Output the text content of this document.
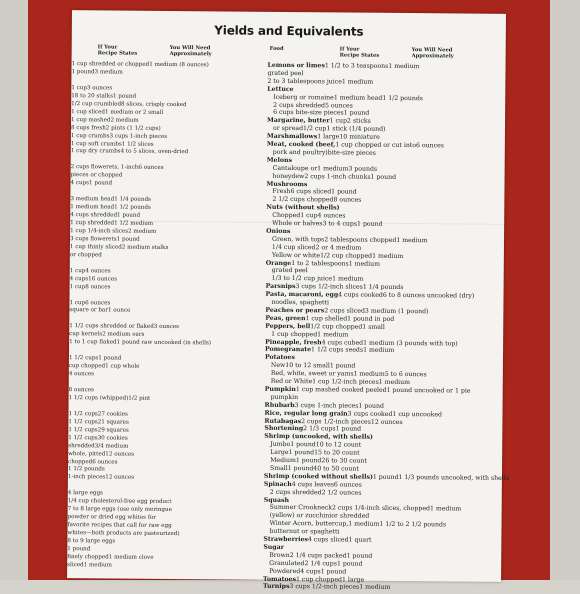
Yields and Equivalents
If Your
Recipe States
You Will Need
Approximately
Food	If Your
Recipe States
You Will Need
Approximately
1 cup shredded or chopped1 medium (8 ounces)
1 pound3 medium
1 cup3 ounces
18 to 20 stalks1 pound
1/2 cup crumbled8 slices, crisply cooked
1 cup sliced1 medium or 2 small
1 cup mashed2 medium
8 cups fresh2 pints (1 1/2 cups)
1 cup crumbs3 cups 1-inch pieces
1 cup soft crumbs1 1/2 slices
1 cup dry crumbs4 to 5 slices, oven-dried
2 cups flowerets, 1-inch6 ounces
pieces or chopped
4 cups1 pound
3 medium head1 1/4 pounds
1 medium head1 1/2 pounds
4 cups shredded1 pound
1 cup shredded1 1/2 medium
1 cup 1/4-inch slices2 medium
3 cups flowerets1 pound
1 cup thinly sliced2 medium stalks
or chopped
1 cup4 ounces
4 cups16 ounces
1 cup8 ounces
1 cup6 ounces
square or bar1 ounce
1 1/2 cups shredded or flaked3 ounces
cup kernels2 medium ears
1 to 1 cup flaked1 pound raw uncooked (in shells)
1 1/2 cups1 pound
cup chopped1 cup whole
4 ounces
8 ounces
1 1/2 cups (whipped)1/2 pint
1 1/2 cups27 cookies
1 1/2 cups21 squares
1 1/2 cups29 squares
1 1/2 cups30 cookies
shredded3/4 medium
whole, pitted12 ounces
chopped6 ounces
1 1/2 pounds
1-inch pieces12 ounces
4 large eggs
1/4 cup cholesterol-free egg product
7 to 8 large eggs (use only meringue
powder or dried egg whites for
favorite recipes that call for raw egg
whites—both products are pasteurized)
8 to 9 large eggs
1 pound
finely chopped1 medium clove
sliced1 medium
Lemons or limes1 1/2 to 3 teaspoons1 medium
grated peel
2 to 3 tablespoons juice1 medium
Lettuce
Iceberg or romaine1 medium head1 1/2 pounds
2 cups shredded5 ounces
6 cups bite-size pieces1 pound
Margarine, butter1 cup2 sticks
or spread1/2 cup1 stick (1/4 pound)
Marshmallows1 large10 miniature
Meat, cooked (beef,1 cup chopped or cut into6 ounces
pork and poultry)bite-size pieces
Melons
Cantaloupe or1 medium3 pounds
honeydew2 cups 1-inch chunks1 pound
Mushrooms
Fresh6 cups sliced1 pound
2 1/2 cups chopped8 ounces
Nuts (without shells)
Chopped1 cup4 ounces
Whole or halves3 to 4 cups1 pound
Onions
Green, with tops2 tablespoons chopped1 medium
1/4 cup sliced2 or 4 medium
Yellow or white1/2 cup chopped1 medium
Orange1 to 2 tablespoons1 medium
grated peel
1/3 to 1/2 cup juice1 medium
Parsnips3 cups 1/2-inch slices1 1/4 pounds
Pasta, macaroni, egg4 cups cooked6 to 8 ounces uncooked (dry)
noodles, spaghetti
Peaches or pears2 cups sliced3 medium (1 pound)
Peas, green1 cup shelled1 pound in pod
Peppers, bell1/2 cup chopped1 small
1 cup chopped1 medium
Pineapple, fresh4 cups cubed1 medium (3 pounds with top)
Pomegranate1 1/2 cups seeds1 medium
Potatoes
New10 to 12 small1 pound
Red, white, sweet or yams1 medium5 to 6 ounces
Red or White1 cup 1/2-inch pieces1 medium
Pumpkin1 cup mashed cooked peeled1 pound uncooked or 1 pie
pumpkin
Rhubarb3 cups 1-inch pieces1 pound
Rice, regular long grain3 cups cooked1 cup uncooked
Rutabagas2 cups 1/2-inch pieces12 ounces
Shortening2 1/3 cups1 pound
Shrimp (uncooked, with shells)
Jumbo1 pound10 to 12 count
Large1 pound15 to 20 count
Medium1 pound26 to 30 count
Small1 pound40 to 50 count
Shrimp (cooked without shells)1 pound1 1/3 pounds uncooked, with shells
Spinach4 cups leaves6 ounces
2 cups shredded2 1/2 ounces
Squash
Summer Crookneck2 cups 1/4-inch slices, chopped1 medium
(yellow) or zucchinior shredded
Winter Acorn, buttercup,1 medium1 1/2 to 2 1/2 pounds
butternut or spaghetti
Strawberries4 cups sliced1 quart
Sugar
Brown2 1/4 cups packed1 pound
Granulated2 1/4 cups1 pound
Powdered4 cups1 pound
Tomatoes1 cup chopped1 large
Turnips3 cups 1/2-inch pieces1 medium
